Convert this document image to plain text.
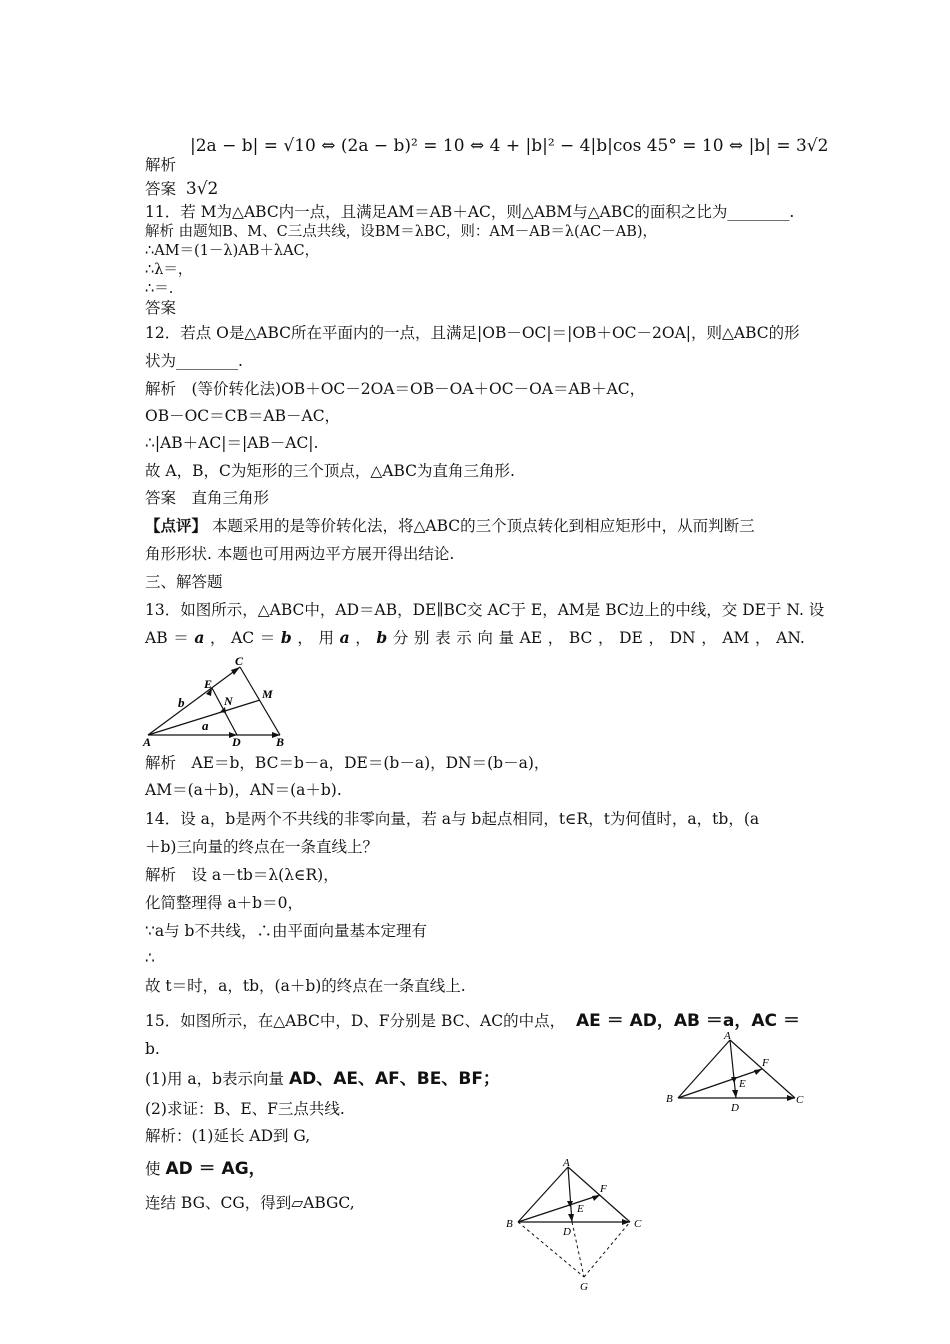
|2a − b| = √10 ⇔ (2a − b)² = 10 ⇔ 4 + |b|² − 4|b|cos 45° = 10 ⇔ |b| = 3√2
解析
答案 3√2
11．若 M为△ABC内一点，且满足AM＝AB＋AC，则△ABM与△ABC的面积之比为________.
解析 由题知B、M、C三点共线，设BM＝λBC，则：AM－AB＝λ(AC－AB)，
∴AM＝(1－λ)AB＋λAC，
∴λ＝，
∴＝.
答案
12．若点 O是△ABC所在平面内的一点，且满足|OB－OC|＝|OB＋OC－2OA|，则△ABC的形
状为________.
解析　(等价转化法)OB＋OC－2OA＝OB－OA＋OC－OA＝AB＋AC，
OB－OC＝CB＝AB－AC，
∴|AB＋AC|＝|AB－AC|.
故 A，B，C为矩形的三个顶点，△ABC为直角三角形.
答案　直角三角形
【点评】 本题采用的是等价转化法，将△ABC的三个顶点转化到相应矩形中，从而判断三
角形形状. 本题也可用两边平方展开得出结论.
三、解答题
13．如图所示，△ABC中，AD＝AB，DE∥BC交 AC于 E，AM是 BC边上的中线，交 DE于 N. 设
AB ＝ a ， AC ＝ b ， 用 a ， b 分 别 表 示 向 量 AE ， BC ， DE ， DN ， AM ， AN.
C
E
M
N
b
a
A	D	B
解析　AE＝b，BC＝b－a，DE＝(b－a)，DN＝(b－a)，
AM＝(a＋b)，AN＝(a＋b).
14．设 a，b是两个不共线的非零向量，若 a与 b起点相同，t∈R，t为何值时，a，tb，(a
＋b)三向量的终点在一条直线上？
解析　设 a－tb＝λ(λ∈R)，
化简整理得 a＋b＝0，
∵a与 b不共线，∴由平面向量基本定理有
∴
故 t＝时，a，tb，(a＋b)的终点在一条直线上.
15．如图所示，在△ABC中，D、F分别是 BC、AC的中点， AE ＝ AD，AB ＝a，AC ＝
b.
(1)用 a，b表示向量 AD、AE、AF、BE、BF；
(2)求证：B、E、F三点共线.
解析：(1)延长 AD到 G,
使 AD ＝ AG，
连结 BG、CG，得到▱ABGC,
A
F
E
B
D
C
A
F
E
B
D
C
G
